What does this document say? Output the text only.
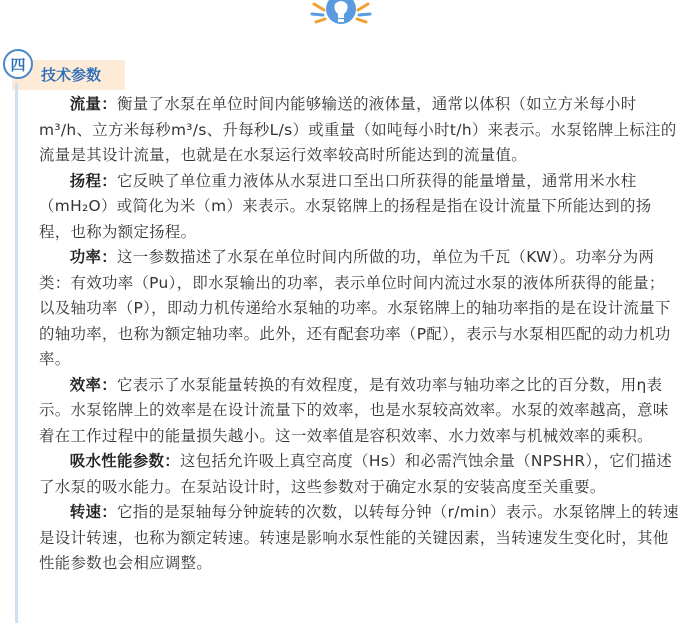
技术参数
四

流量：衡量了水泵在单位时间内能够输送的液体量，通常以体积（如立方米每小时m³/h、立方米每秒m³/s、升每秒L/s）或重量（如吨每小时t/h）来表示。水泵铭牌上标注的流量是其设计流量，也就是在水泵运行效率较高时所能达到的流量值。

扬程：它反映了单位重力液体从水泵进口至出口所获得的能量增量，通常用米水柱（mH₂O）或简化为米（m）来表示。水泵铭牌上的扬程是指在设计流量下所能达到的扬程，也称为额定扬程。

功率：这一参数描述了水泵在单位时间内所做的功，单位为千瓦（KW）。功率分为两类：有效功率（Pu），即水泵输出的功率，表示单位时间内流过水泵的液体所获得的能量；以及轴功率（P），即动力机传递给水泵轴的功率。水泵铭牌上的轴功率指的是在设计流量下的轴功率，也称为额定轴功率。此外，还有配套功率（P配），表示与水泵相匹配的动力机功率。

效率：它表示了水泵能量转换的有效程度，是有效功率与轴功率之比的百分数，用η表示。水泵铭牌上的效率是在设计流量下的效率，也是水泵较高效率。水泵的效率越高，意味着在工作过程中的能量损失越小。这一效率值是容积效率、水力效率与机械效率的乘积。

吸水性能参数：这包括允许吸上真空高度（Hs）和必需汽蚀余量（NPSHR），它们描述了水泵的吸水能力。在泵站设计时，这些参数对于确定水泵的安装高度至关重要。

转速：它指的是泵轴每分钟旋转的次数，以转每分钟（r/min）表示。水泵铭牌上的转速是设计转速，也称为额定转速。转速是影响水泵性能的关键因素，当转速发生变化时，其他性能参数也会相应调整。
